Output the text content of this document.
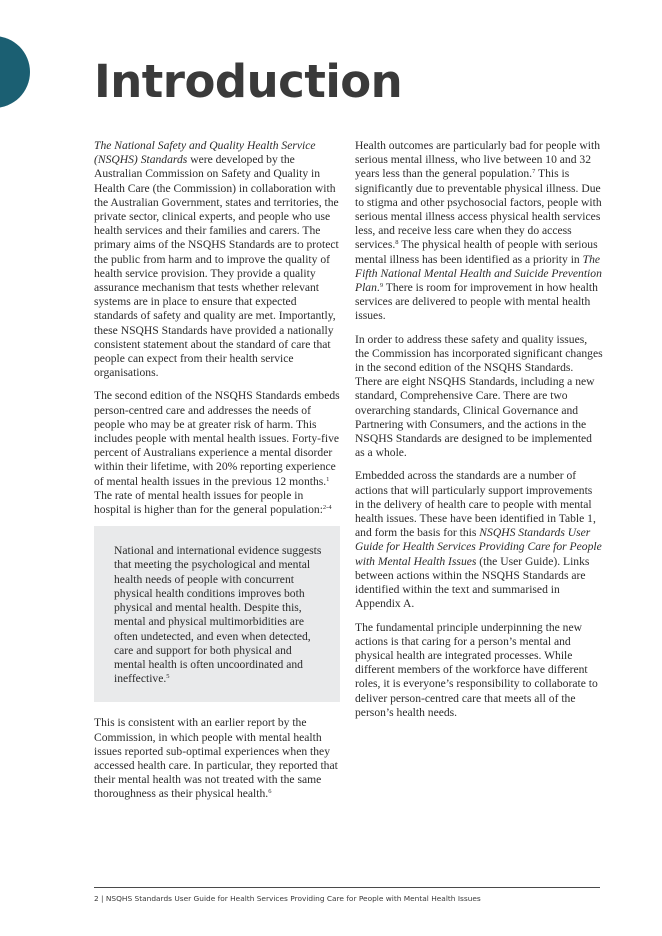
Introduction

The National Safety and Quality Health Service (NSQHS) Standards were developed by the Australian Commission on Safety and Quality in Health Care (the Commission) in collaboration with the Australian Government, states and territories, the private sector, clinical experts, and people who use health services and their families and carers. The primary aims of the NSQHS Standards are to protect the public from harm and to improve the quality of health service provision. They provide a quality assurance mechanism that tests whether relevant systems are in place to ensure that expected standards of safety and quality are met. Importantly, these NSQHS Standards have provided a nationally consistent statement about the standard of care that people can expect from their health service organisations.

The second edition of the NSQHS Standards embeds person-centred care and addresses the needs of people who may be at greater risk of harm. This includes people with mental health issues. Forty-five percent of Australians experience a mental disorder within their lifetime, with 20% reporting experience of mental health issues in the previous 12 months.$^1$ The rate of mental health issues for people in hospital is higher than for the general population:$^{2-4}$

National and international evidence suggests that meeting the psychological and mental health needs of people with concurrent physical health conditions improves both physical and mental health. Despite this, mental and physical multimorbidities are often undetected, and even when detected, care and support for both physical and mental health is often uncoordinated and ineffective.$^5$

This is consistent with an earlier report by the Commission, in which people with mental health issues reported sub-optimal experiences when they accessed health care. In particular, they reported that their mental health was not treated with the same thoroughness as their physical health.$^6$

Health outcomes are particularly bad for people with serious mental illness, who live between 10 and 32 years less than the general population.$^7$ This is significantly due to preventable physical illness. Due to stigma and other psychosocial factors, people with serious mental illness access physical health services less, and receive less care when they do access services.$^8$ The physical health of people with serious mental illness has been identified as a priority in The Fifth National Mental Health and Suicide Prevention Plan.$^9$ There is room for improvement in how health services are delivered to people with mental health issues.

In order to address these safety and quality issues, the Commission has incorporated significant changes in the second edition of the NSQHS Standards. There are eight NSQHS Standards, including a new standard, Comprehensive Care. There are two overarching standards, Clinical Governance and Partnering with Consumers, and the actions in the NSQHS Standards are designed to be implemented as a whole.

Embedded across the standards are a number of actions that will particularly support improvements in the delivery of health care to people with mental health issues. These have been identified in Table 1, and form the basis for this NSQHS Standards User Guide for Health Services Providing Care for People with Mental Health Issues (the User Guide). Links between actions within the NSQHS Standards are identified within the text and summarised in Appendix A.

The fundamental principle underpinning the new actions is that caring for a person’s mental and physical health are integrated processes. While different members of the workforce have different roles, it is everyone’s responsibility to collaborate to deliver person-centred care that meets all of the person’s health needs.

2 | NSQHS Standards User Guide for Health Services Providing Care for People with Mental Health Issues
